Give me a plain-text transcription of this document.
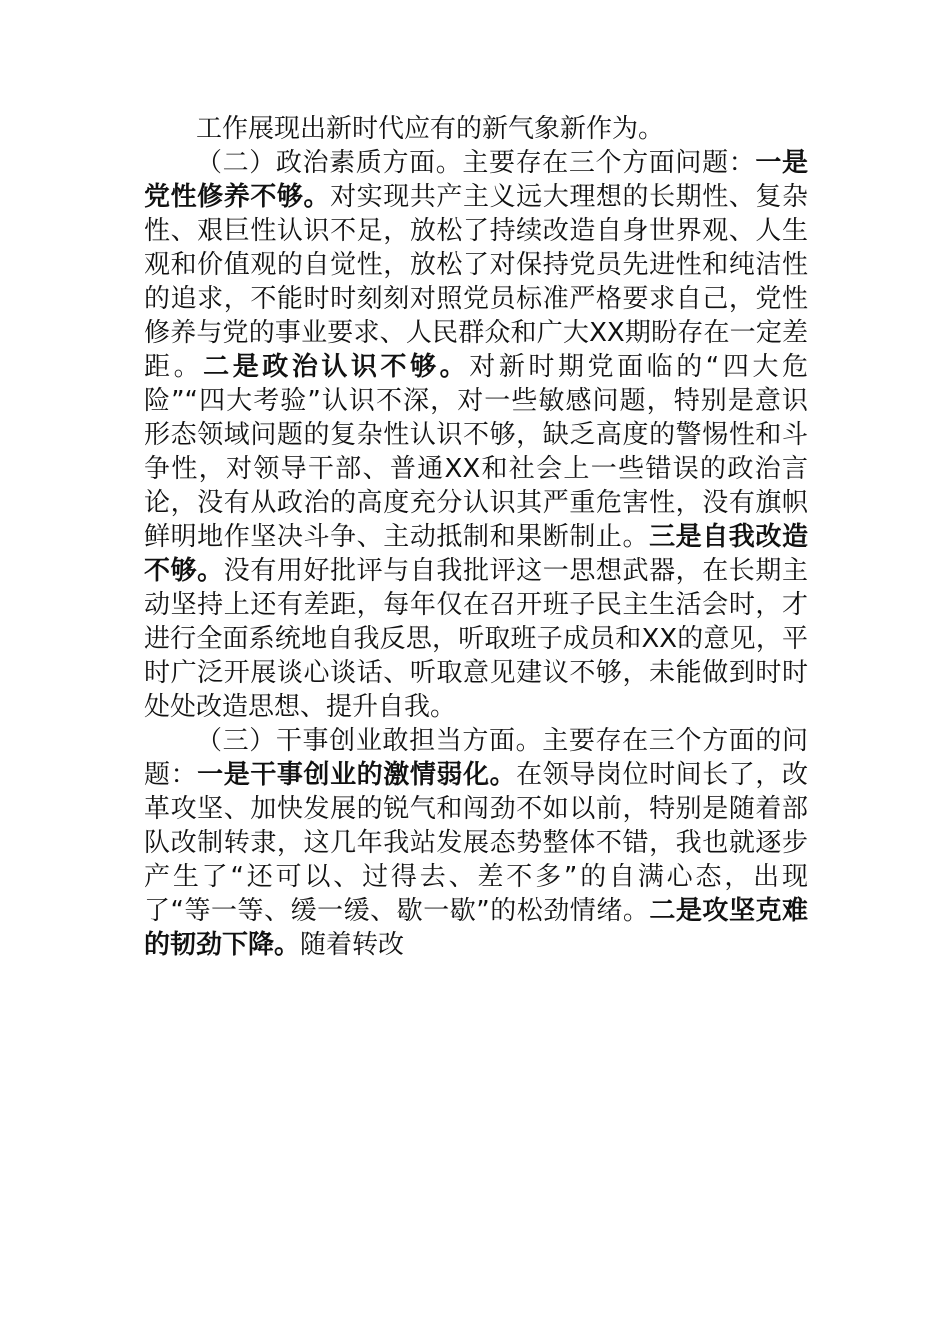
工作展现出新时代应有的新气象新作为。

（二）政治素质方面。主要存在三个方面问题：一是党性修养不够。对实现共产主义远大理想的长期性、复杂性、艰巨性认识不足，放松了持续改造自身世界观、人生观和价值观的自觉性，放松了对保持党员先进性和纯洁性的追求，不能时时刻刻对照党员标准严格要求自己，党性修养与党的事业要求、人民群众和广大XX期盼存在一定差距。二是政治认识不够。对新时期党面临的“四大危险”“四大考验”认识不深，对一些敏感问题，特别是意识形态领域问题的复杂性认识不够，缺乏高度的警惕性和斗争性，对领导干部、普通XX和社会上一些错误的政治言论，没有从政治的高度充分认识其严重危害性，没有旗帜鲜明地作坚决斗争、主动抵制和果断制止。三是自我改造不够。没有用好批评与自我批评这一思想武器，在长期主动坚持上还有差距，每年仅在召开班子民主生活会时，才进行全面系统地自我反思，听取班子成员和XX的意见，平时广泛开展谈心谈话、听取意见建议不够，未能做到时时处处改造思想、提升自我。

（三）干事创业敢担当方面。主要存在三个方面的问题：一是干事创业的激情弱化。在领导岗位时间长了，改革攻坚、加快发展的锐气和闯劲不如以前，特别是随着部队改制转隶，这几年我站发展态势整体不错，我也就逐步产生了“还可以、过得去、差不多”的自满心态，出现了“等一等、缓一缓、歇一歇”的松劲情绪。二是攻坚克难的韧劲下降。随着转改
